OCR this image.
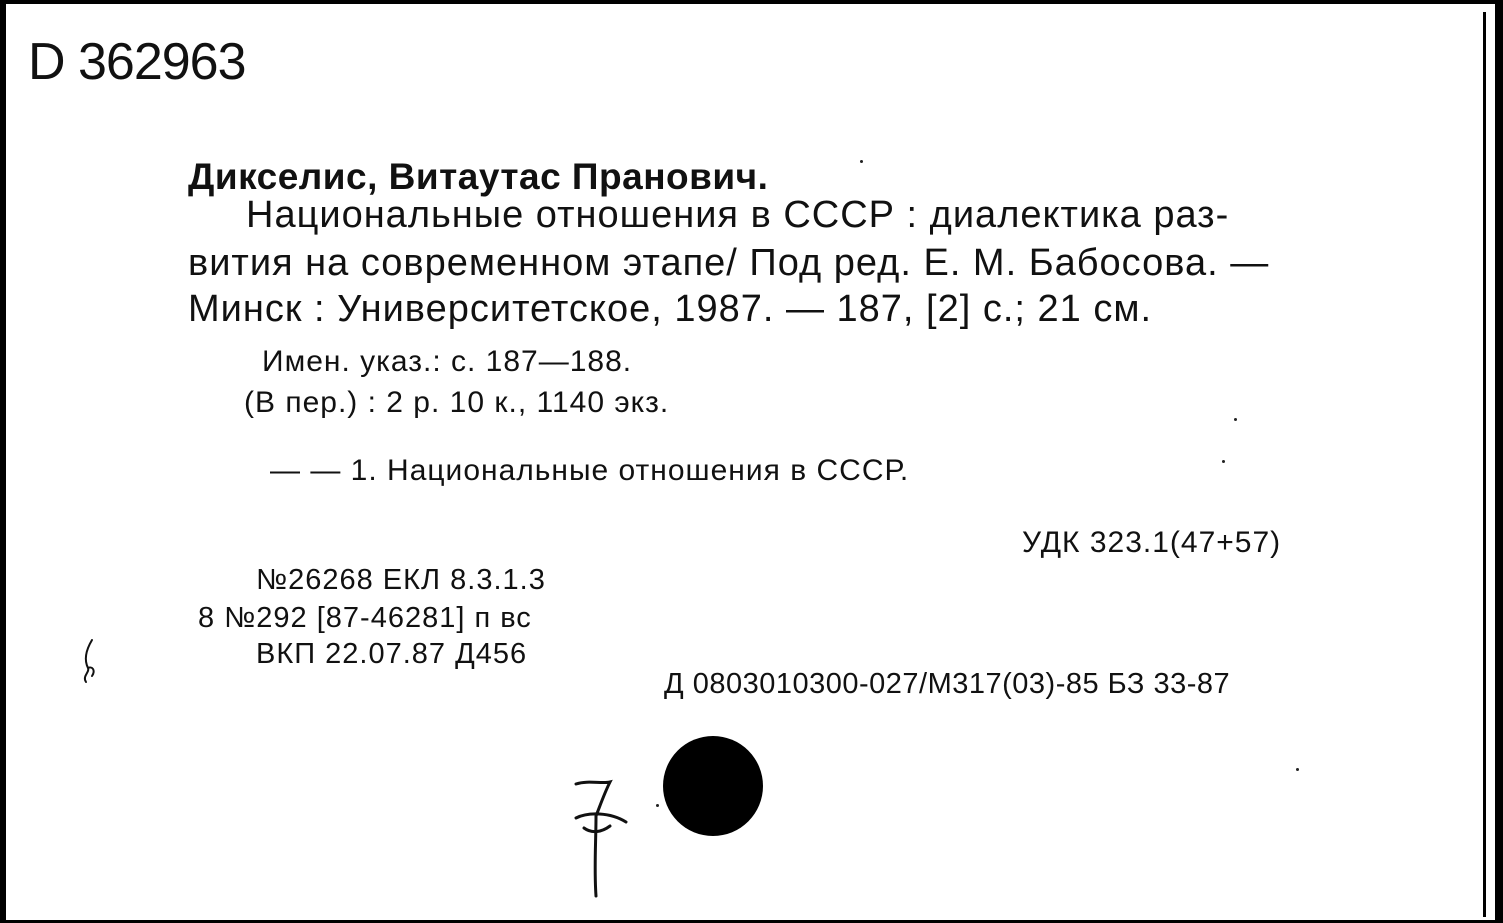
D 362963
Дикселис, Витаутас Пранович.
Национальные отношения в СССР : диалектика раз-
вития на современном этапе/ Под ред. Е. М. Бабосова. —
Минск : Университетское, 1987. — 187, [2] с.; 21 см.
Имен. указ.: с. 187—188.
(В пер.) : 2 р. 10 к., 1140 экз.
— — 1. Национальные отношения в СССР.
УДК 323.1(47+57)
№26268 ЕКЛ 8.3.1.3
8 №292 [87-46281] п вс
ВКП 22.07.87 Д456
Д 0803010300-027/М317(03)-85 БЗ 33-87
